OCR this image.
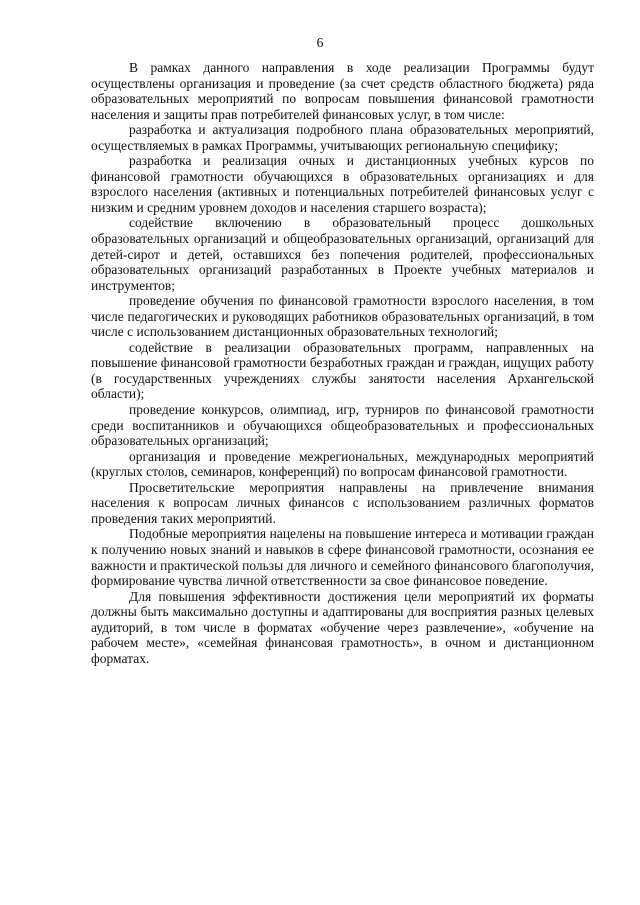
6

В рамках данного направления в ходе реализации Программы будут осуществлены организация и проведение (за счет средств областного бюджета) ряда образовательных мероприятий по вопросам повышения финансовой грамотности населения и защиты прав потребителей финансовых услуг, в том числе:

разработка и актуализация подробного плана образовательных мероприятий, осуществляемых в рамках Программы, учитывающих региональную специфику;

разработка и реализация очных и дистанционных учебных курсов по финансовой грамотности обучающихся в образовательных организациях и для взрослого населения (активных и потенциальных потребителей финансовых услуг с низким и средним уровнем доходов и населения старшего возраста);

содействие включению в образовательный процесс дошкольных образовательных организаций и общеобразовательных организаций, организаций для детей-сирот и детей, оставшихся без попечения родителей, профессиональных образовательных организаций разработанных в Проекте учебных материалов и инструментов;

проведение обучения по финансовой грамотности взрослого населения, в том числе педагогических и руководящих работников образовательных организаций, в том числе с использованием дистанционных образовательных технологий;

содействие в реализации образовательных программ, направленных на повышение финансовой грамотности безработных граждан и граждан, ищущих работу (в государственных учреждениях службы занятости населения Архангельской области);

проведение конкурсов, олимпиад, игр, турниров по финансовой грамотности среди воспитанников и обучающихся общеобразовательных и профессиональных образовательных организаций;

организация и проведение межрегиональных, международных мероприятий (круглых столов, семинаров, конференций) по вопросам финансовой грамотности.

Просветительские мероприятия направлены на привлечение внимания населения к вопросам личных финансов с использованием различных форматов проведения таких мероприятий.

Подобные мероприятия нацелены на повышение интереса и мотивации граждан к получению новых знаний и навыков в сфере финансовой грамотности, осознания ее важности и практической пользы для личного и семейного финансового благополучия, формирование чувства личной ответственности за свое финансовое поведение.

Для повышения эффективности достижения цели мероприятий их форматы должны быть максимально доступны и адаптированы для восприятия разных целевых аудиторий, в том числе в форматах «обучение через развлечение», «обучение на рабочем месте», «семейная финансовая грамотность», в очном и дистанционном форматах.
